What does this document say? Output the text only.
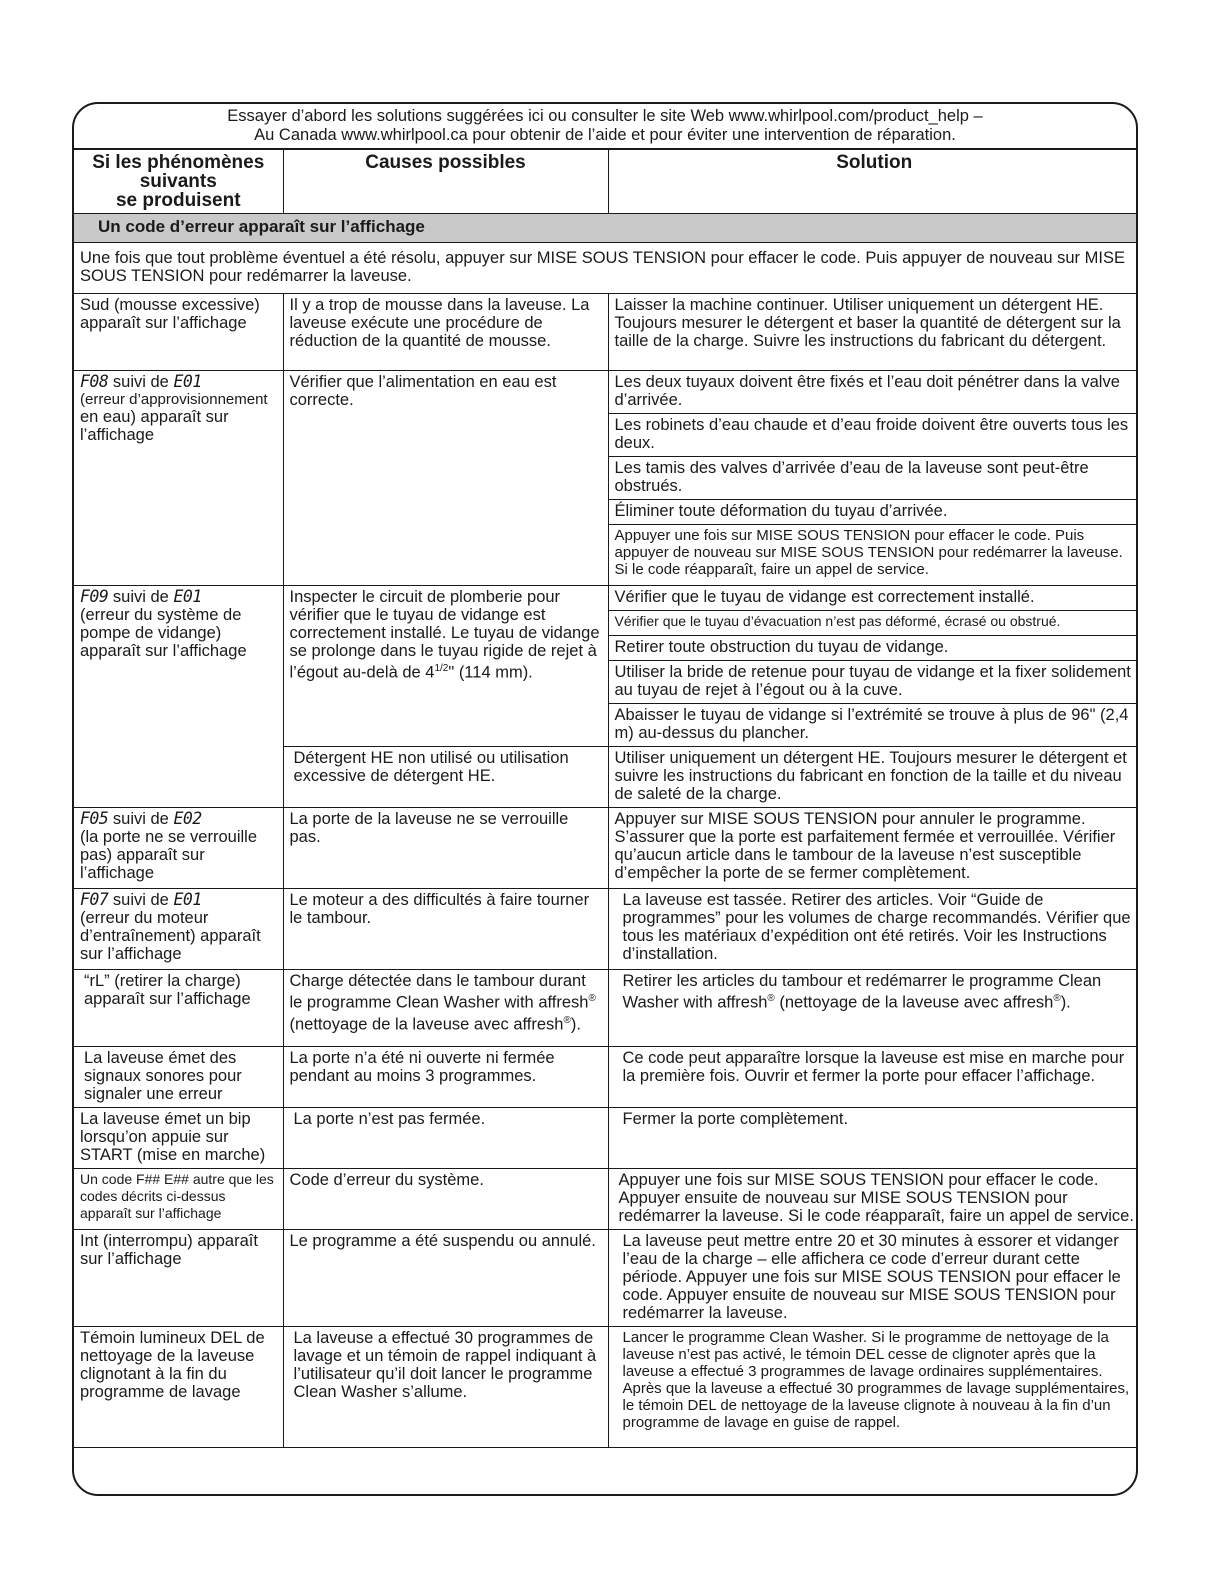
Essayer d’abord les solutions suggérées ici ou consulter le site Web www.whirlpool.com/product_help –
Au Canada www.whirlpool.ca pour obtenir de l’aide et pour éviter une intervention de réparation.
Si les phénomènes
suivants
se produisent	Causes possibles	Solution
Un code d’erreur apparaît sur l’affichage		
Une fois que tout problème éventuel a été résolu, appuyer sur MISE SOUS TENSION pour effacer le code. Puis appuyer de nouveau sur MISE SOUS TENSION pour redémarrer la laveuse.		
Sud (mousse excessive) apparaît sur l’affichage	Il y a trop de mousse dans la laveuse. La laveuse exécute une procédure de réduction de la quantité de mousse.	Laisser la machine continuer. Utiliser uniquement un détergent HE. Toujours mesurer le détergent et baser la quantité de détergent sur la taille de la charge. Suivre les instructions du fabricant du détergent.
F08 suivi de E01
(erreur d’approvisionnement
en eau) apparaît sur l’affichage	Vérifier que l’alimentation en eau est correcte.	Les deux tuyaux doivent être fixés et l’eau doit pénétrer dans la valve d’arrivée.
		Les robinets d’eau chaude et d’eau froide doivent être ouverts tous les deux.
		Les tamis des valves d’arrivée d’eau de la laveuse sont peut-être obstrués.
		Éliminer toute déformation du tuyau d’arrivée.
		Appuyer une fois sur MISE SOUS TENSION pour effacer le code. Puis appuyer de nouveau sur MISE SOUS TENSION pour redémarrer la laveuse. Si le code réapparaît, faire un appel de service.
F09 suivi de E01
(erreur du système de pompe de vidange) apparaît sur l’affichage	Inspecter le circuit de plomberie pour vérifier que le tuyau de vidange est correctement installé. Le tuyau de vidange se prolonge dans le tuyau rigide de rejet à l’égout au-delà de $4^{1/2}$" (114 mm).	Vérifier que le tuyau de vidange est correctement installé.
		Vérifier que le tuyau d’évacuation n’est pas déformé, écrasé ou obstrué.
		Retirer toute obstruction du tuyau de vidange.
		Utiliser la bride de retenue pour tuyau de vidange et la fixer solidement au tuyau de rejet à l’égout ou à la cuve.
		Abaisser le tuyau de vidange si l’extrémité se trouve à plus de 96" (2,4 m) au-dessus du plancher.
	Détergent HE non utilisé ou utilisation excessive de détergent HE.	Utiliser uniquement un détergent HE. Toujours mesurer le détergent et suivre les instructions du fabricant en fonction de la taille et du niveau de saleté de la charge.
F05 suivi de E02
(la porte ne se verrouille pas) apparaît sur l’affichage	La porte de la laveuse ne se verrouille pas.	Appuyer sur MISE SOUS TENSION pour annuler le programme. S’assurer que la porte est parfaitement fermée et verrouillée. Vérifier qu’aucun article dans le tambour de la laveuse n’est susceptible d’empêcher la porte de se fermer complètement.
F07 suivi de E01
(erreur du moteur d’entraînement) apparaît sur l’affichage	Le moteur a des difficultés à faire tourner le tambour.	La laveuse est tassée. Retirer des articles. Voir “Guide de programmes” pour les volumes de charge recommandés. Vérifier que tous les matériaux d’expédition ont été retirés. Voir les Instructions d’installation.
“rL” (retirer la charge) apparaît sur l’affichage	Charge détectée dans le tambour durant le programme Clean Washer with affresh® (nettoyage de la laveuse avec affresh®).	Retirer les articles du tambour et redémarrer le programme Clean Washer with affresh® (nettoyage de la laveuse avec affresh®).
La laveuse émet des signaux sonores pour signaler une erreur	La porte n’a été ni ouverte ni fermée pendant au moins 3 programmes.	Ce code peut apparaître lorsque la laveuse est mise en marche pour la première fois. Ouvrir et fermer la porte pour effacer l’affichage.
La laveuse émet un bip lorsqu’on appuie sur START (mise en marche)	La porte n’est pas fermée.	Fermer la porte complètement.
Un code F## E## autre que les codes décrits ci-dessus apparaît sur l’affichage	Code d’erreur du système.	Appuyer une fois sur MISE SOUS TENSION pour effacer le code. Appuyer ensuite de nouveau sur MISE SOUS TENSION pour redémarrer la laveuse. Si le code réapparaît, faire un appel de service.
Int (interrompu) apparaît sur l’affichage	Le programme a été suspendu ou annulé.	La laveuse peut mettre entre 20 et 30 minutes à essorer et vidanger l’eau de la charge – elle affichera ce code d’erreur durant cette période. Appuyer une fois sur MISE SOUS TENSION pour effacer le code. Appuyer ensuite de nouveau sur MISE SOUS TENSION pour redémarrer la laveuse.
Témoin lumineux DEL de nettoyage de la laveuse clignotant à la fin du programme de lavage	La laveuse a effectué 30 programmes de lavage et un témoin de rappel indiquant à l’utilisateur qu’il doit lancer le programme Clean Washer s’allume.	Lancer le programme Clean Washer. Si le programme de nettoyage de la laveuse n’est pas activé, le témoin DEL cesse de clignoter après que la laveuse a effectué 3 programmes de lavage ordinaires supplémentaires. Après que la laveuse a effectué 30 programmes de lavage supplémentaires, le témoin DEL de nettoyage de la laveuse clignote à nouveau à la fin d’un programme de lavage en guise de rappel.
